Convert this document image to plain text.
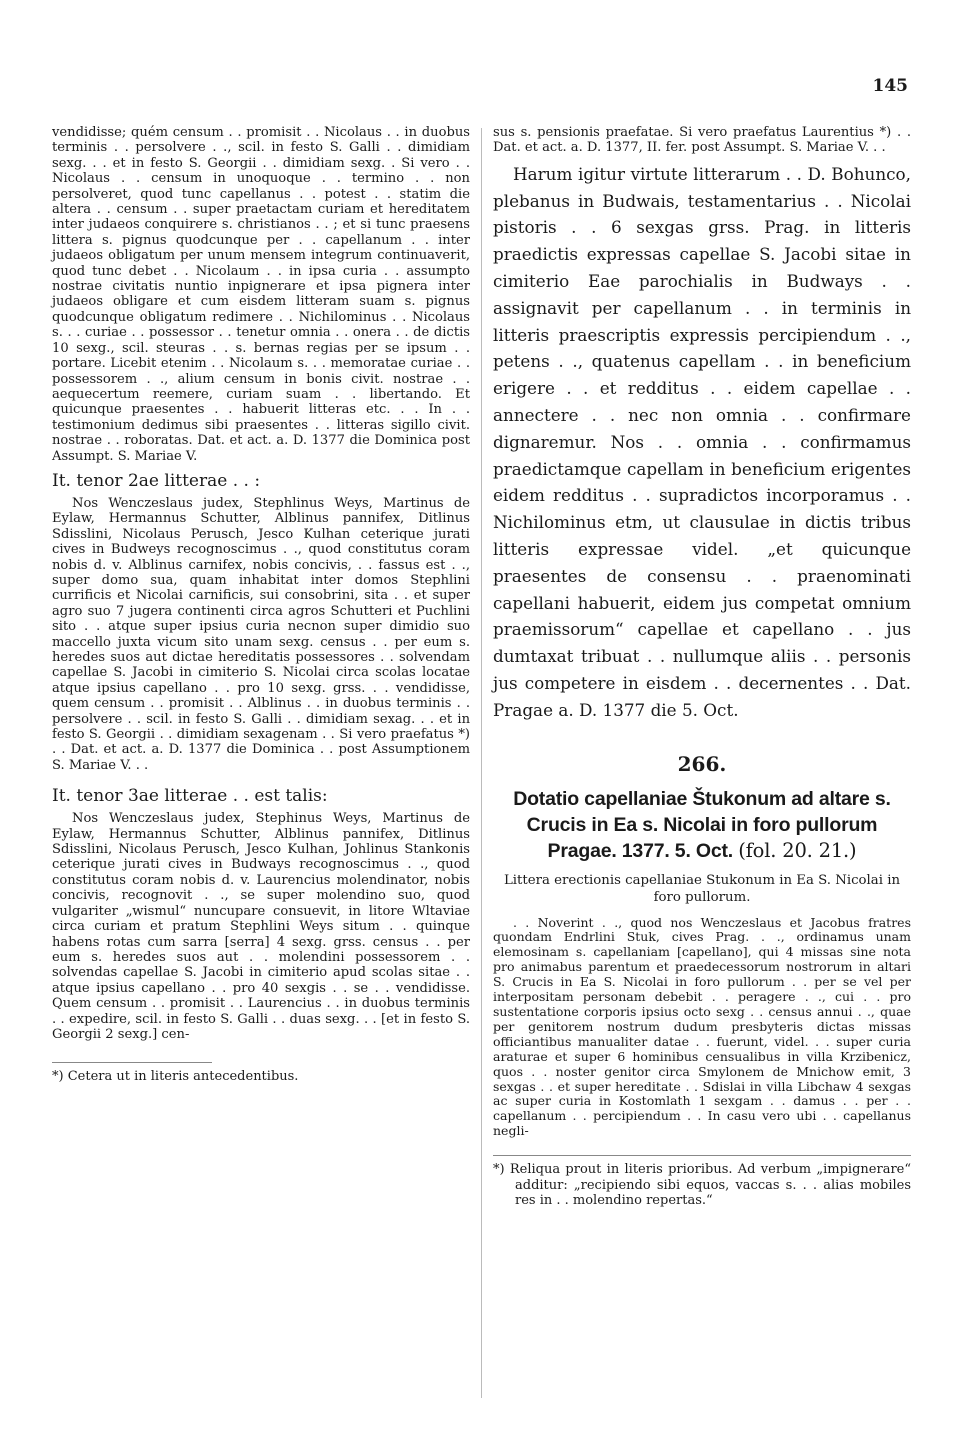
145

vendidisse; quém censum . . promisit . . Nicolaus . . in duobus terminis . . persolvere . ., scil. in festo S. Galli . . dimidiam sexg. . . et in festo S. Georgii . . dimidiam sexg. . Si vero . . Nicolaus . . censum in unoquoque . . termino . . non persolveret, quod tunc capellanus . . potest . . statim die altera . . censum . . super praetactam curiam et hereditatem inter judaeos conquirere s. christianos . . ; et si tunc praesens littera s. pignus quodcunque per . . capellanum . . inter judaeos obligatum per unum mensem integrum continuaverit, quod tunc debet . . Nicolaum . . in ipsa curia . . assumpto nostrae civitatis nuntio inpignerare et ipsa pignera inter judaeos obligare et cum eisdem litteram suam s. pignus quodcunque obligatum redimere . . Nichilominus . . Nicolaus s. . . curiae . . possessor . . tenetur omnia . . onera . . de dictis 10 sexg., scil. steuras . . s. bernas regias per se ipsum . . portare. Licebit etenim . . Nicolaum s. . . memoratae curiae . . possessorem . ., alium censum in bonis civit. nostrae . . aequecertum reemere, curiam suam . . libertando. Et quicunque praesentes . . habuerit litteras etc. . . In . . testimonium dedimus sibi praesentes . . litteras sigillo civit. nostrae . . roboratas. Dat. et act. a. D. 1377 die Dominica post Assumpt. S. Mariae V.

It. tenor 2ae litterae . . :

Nos Wenczeslaus judex, Stephlinus Weys, Martinus de Eylaw, Hermannus Schutter, Alblinus pannifex, Ditlinus Sdisslini, Nicolaus Perusch, Jesco Kulhan ceterique jurati cives in Budweys recognoscimus . ., quod constitutus coram nobis d. v. Alblinus carnifex, nobis concivis, . . fassus est . ., super domo sua, quam inhabitat inter domos Stephlini currificis et Nicolai carnificis, sui consobrini, sita . . et super agro suo 7 jugera continenti circa agros Schutteri et Puchlini sito . . atque super ipsius curia necnon super dimidio suo maccello juxta vicum sito unam sexg. census . . per eum s. heredes suos aut dictae hereditatis possessores . . solvendam capellae S. Jacobi in cimiterio S. Nicolai circa scolas locatae atque ipsius capellano . . pro 10 sexg. grss. . . vendidisse, quem censum . . promisit . . Alblinus . . in duobus terminis . . persolvere . . scil. in festo S. Galli . . dimidiam sexag. . . et in festo S. Georgii . . dimidiam sexagenam . . Si vero praefatus *) . . Dat. et act. a. D. 1377 die Dominica . . post Assumptionem S. Mariae V. . .

It. tenor 3ae litterae . . est talis:

Nos Wenczeslaus judex, Stephinus Weys, Martinus de Eylaw, Hermannus Schutter, Alblinus pannifex, Ditlinus Sdisslini, Nicolaus Perusch, Jesco Kulhan, Johlinus Stankonis ceterique jurati cives in Budways recognoscimus . ., quod constitutus coram nobis d. v. Laurencius molendinator, nobis concivis, recognovit . ., se super molendino suo, quod vulgariter „wismul“ nuncupare consuevit, in litore Wltaviae circa curiam et pratum Stephlini Weys situm . . quinque habens rotas cum sarra [serra] 4 sexg. grss. census . . per eum s. heredes suos aut . . molendini possessorem . . solvendas capellae S. Jacobi in cimiterio apud scolas sitae . . atque ipsius capellano . . pro 40 sexgis . . se . . vendidisse. Quem censum . . promisit . . Laurencius . . in duobus terminis . . expedire, scil. in festo S. Galli . . duas sexg. . . [et in festo S. Georgii 2 sexg.] cen-

*) Cetera ut in literis antecedentibus.

sus s. pensionis praefatae. Si vero praefatus Laurentius *) . . Dat. et act. a. D. 1377, II. fer. post Assumpt. S. Mariae V. . .

Harum igitur virtute litterarum . . D. Bohunco, plebanus in Budwais, testamentarius . . Nicolai pistoris . . 6 sexgas grss. Prag. in litteris praedictis expressas capellae S. Jacobi sitae in cimiterio Eae parochialis in Budways . . assignavit per capellanum . . in terminis in litteris praescriptis expressis percipiendum . ., petens . ., quatenus capellam . . in beneficium erigere . . et redditus . . eidem capellae . . annectere . . nec non omnia . . confirmare dignaremur. Nos . . omnia . . confirmamus praedictamque capellam in beneficium erigentes eidem redditus . . supradictos incorporamus . . Nichilominus etm, ut clausulae in dictis tribus litteris expressae videl. „et quicunque praesentes de consensu . . praenominati capellani habuerit, eidem jus competat omnium praemissorum“ capellae et capellano . . jus dumtaxat tribuat . . nullumque aliis . . personis jus competere in eisdem . . decernentes . . Dat. Pragae a. D. 1377 die 5. Oct.

266.
Dotatio capellaniae Štukonum ad altare s.
Crucis in Ea s. Nicolai in foro pullorum
Pragae. 1377. 5. Oct. (fol. 20. 21.)

Littera erectionis capellaniae Stukonum in Ea S. Nicolai in foro pullorum.

. . Noverint . ., quod nos Wenczeslaus et Jacobus fratres quondam Endrlini Stuk, cives Prag. . ., ordinamus unam elemosinam s. capellaniam [capellano], qui 4 missas sine nota pro animabus parentum et praedecessorum nostrorum in altari S. Crucis in Ea S. Nicolai in foro pullorum . . per se vel per interpositam personam debebit . . peragere . ., cui . . pro sustentatione corporis ipsius octo sexg . . census annui . ., quae per genitorem nostrum dudum presbyteris dictas missas officiantibus manualiter datae . . fuerunt, videl. . . super curia araturae et super 6 hominibus censualibus in villa Krzibenicz, quos . . noster genitor circa Smylonem de Mnichow emit, 3 sexgas . . et super hereditate . . Sdislai in villa Libchaw 4 sexgas ac super curia in Kostomlath 1 sexgam . . damus . . per . . capellanum . . percipiendum . . In casu vero ubi . . capellanus negli-

*) Reliqua prout in literis prioribus. Ad verbum „impignerare“ additur: „recipiendo sibi equos, vaccas s. . . alias mobiles res in . . molendino repertas.“
